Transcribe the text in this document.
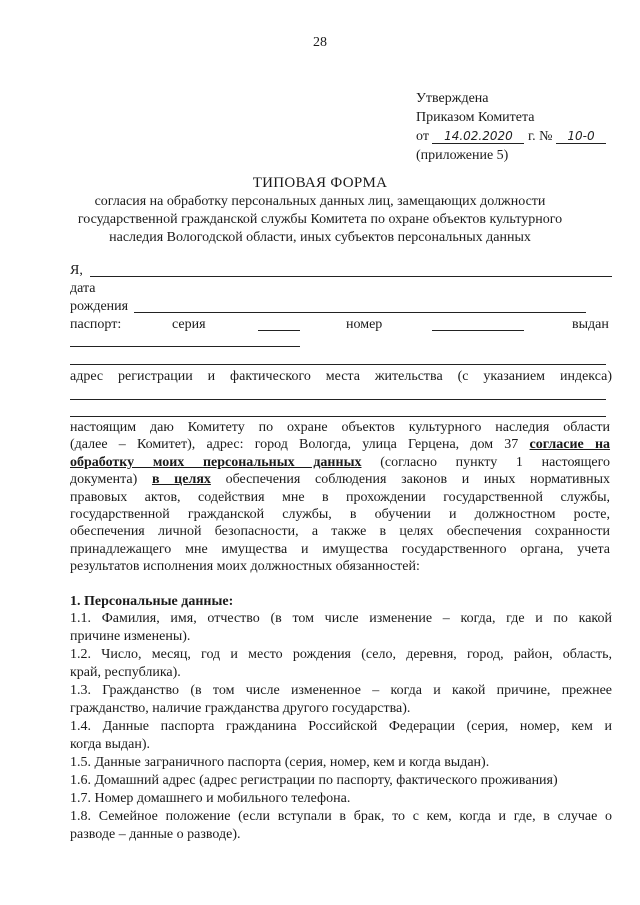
28
Утверждена
Приказом Комитета
от 14.02.2020 г. № 10-0
(приложение 5)
ТИПОВАЯ ФОРМА
согласия на обработку персональных данных лиц, замещающих должности государственной гражданской службы Комитета по охране объектов культурного наследия Вологодской области, иных субъектов персональных данных
Я,
дата
рождения
паспорт:	серия	номер	выдан
адрес регистрации и фактического места жительства (с указанием индекса)
настоящим даю Комитету по охране объектов культурного наследия области
(далее – Комитет), адрес: город Вологда, улица Герцена, дом 37 согласие на
обработку моих персональных данных (согласно пункту 1 настоящего
документа) в целях обеспечения соблюдения законов и иных нормативных
правовых актов, содействия мне в прохождении государственной службы,
государственной гражданской службы, в обучении и должностном росте,
обеспечения личной безопасности, а также в целях обеспечения сохранности
принадлежащего мне имущества и имущества государственного органа, учета
результатов исполнения моих должностных обязанностей:
1. Персональные данные:
1.1. Фамилия, имя, отчество (в том числе изменение – когда, где и по какой
причине изменены).
1.2. Число, месяц, год и место рождения (село, деревня, город, район, область,
край, республика).
1.3. Гражданство (в том числе измененное – когда и какой причине, прежнее
гражданство, наличие гражданства другого государства).
1.4. Данные паспорта гражданина Российской Федерации (серия, номер, кем и
когда выдан).
1.5. Данные заграничного паспорта (серия, номер, кем и когда выдан).
1.6. Домашний адрес (адрес регистрации по паспорту, фактического проживания)
1.7. Номер домашнего и мобильного телефона.
1.8. Семейное положение (если вступали в брак, то с кем, когда и где, в случае о
разводе – данные о разводе).
